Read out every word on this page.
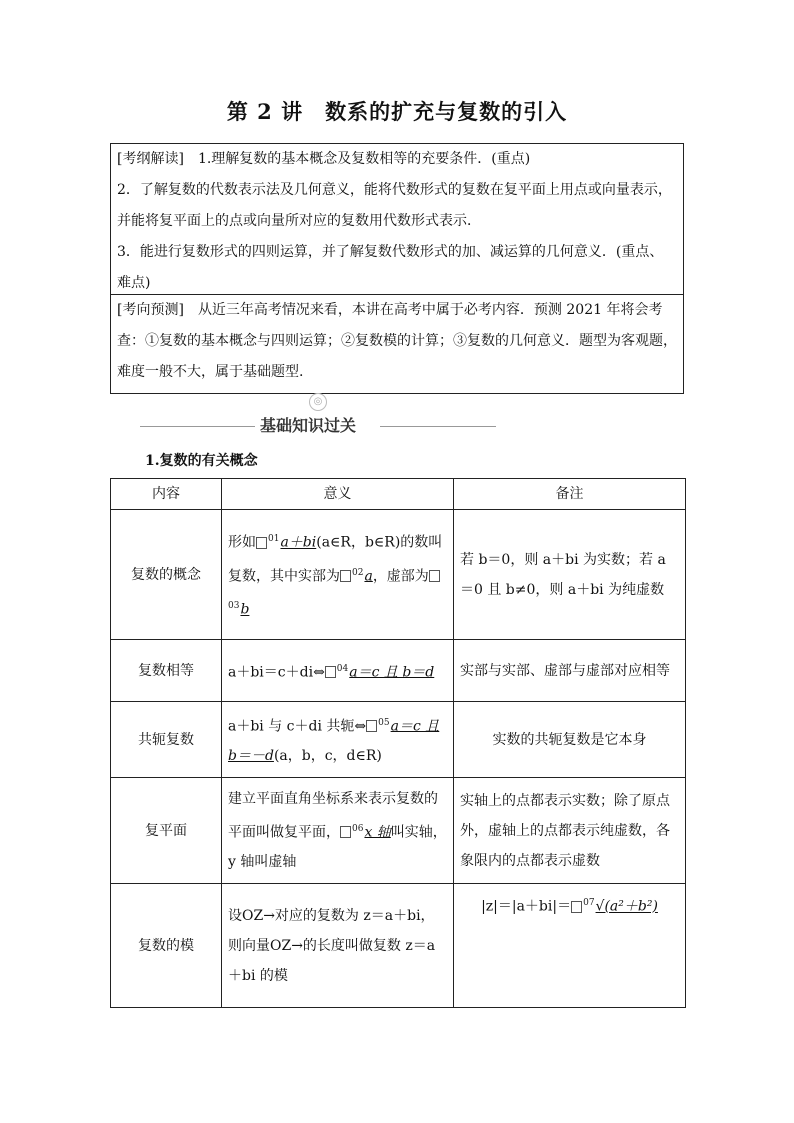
第 2 讲　数系的扩充与复数的引入

[考纲解读]　 1.理解复数的基本概念及复数相等的充要条件．(重点)

2．了解复数的代数表示法及几何意义，能将代数形式的复数在复平面上用点或向量表示，并能将复平面上的点或向量所对应的复数用代数形式表示．

3．能进行复数形式的四则运算，并了解复数代数形式的加、减运算的几何意义．(重点、难点)

[考向预测]　 从近三年高考情况来看，本讲在高考中属于必考内容．预测 2021 年将会考查：①复数的基本概念与四则运算；②复数模的计算；③复数的几何意义．题型为客观题，难度一般不大，属于基础题型.

◎
基础知识过关
1.复数的有关概念
内容	意义	备注
复数的概念	形如 $^{01}$a＋bi(a∈R，b∈R)的数叫复数，其中实部为 $^{02}$a，虚部为$^{03}$b	若 b＝0，则 a＋bi 为实数；若 a＝0 且 b≠0，则 a＋bi 为纯虚数
复数相等	a＋bi＝c＋di⇔ $^{04}$a＝c 且 b＝d	实部与实部、虚部与虚部对应相等
共轭复数	a＋bi 与 c＋di 共轭⇔ $^{05}$a＝c 且 b＝－d(a，b，c，d∈R)	实数的共轭复数是它本身
复平面	建立平面直角坐标系来表示复数的平面叫做复平面， $^{06}$x 轴叫实轴，y 轴叫虚轴	实轴上的点都表示实数；除了原点外，虚轴上的点都表示纯虚数，各象限内的点都表示虚数
复数的模	设OZ→对应的复数为 z＝a＋bi，则向量OZ→的长度叫做复数 z＝a＋bi 的模	|z|＝|a＋bi|＝ $^{07}$√(a²＋b²)
